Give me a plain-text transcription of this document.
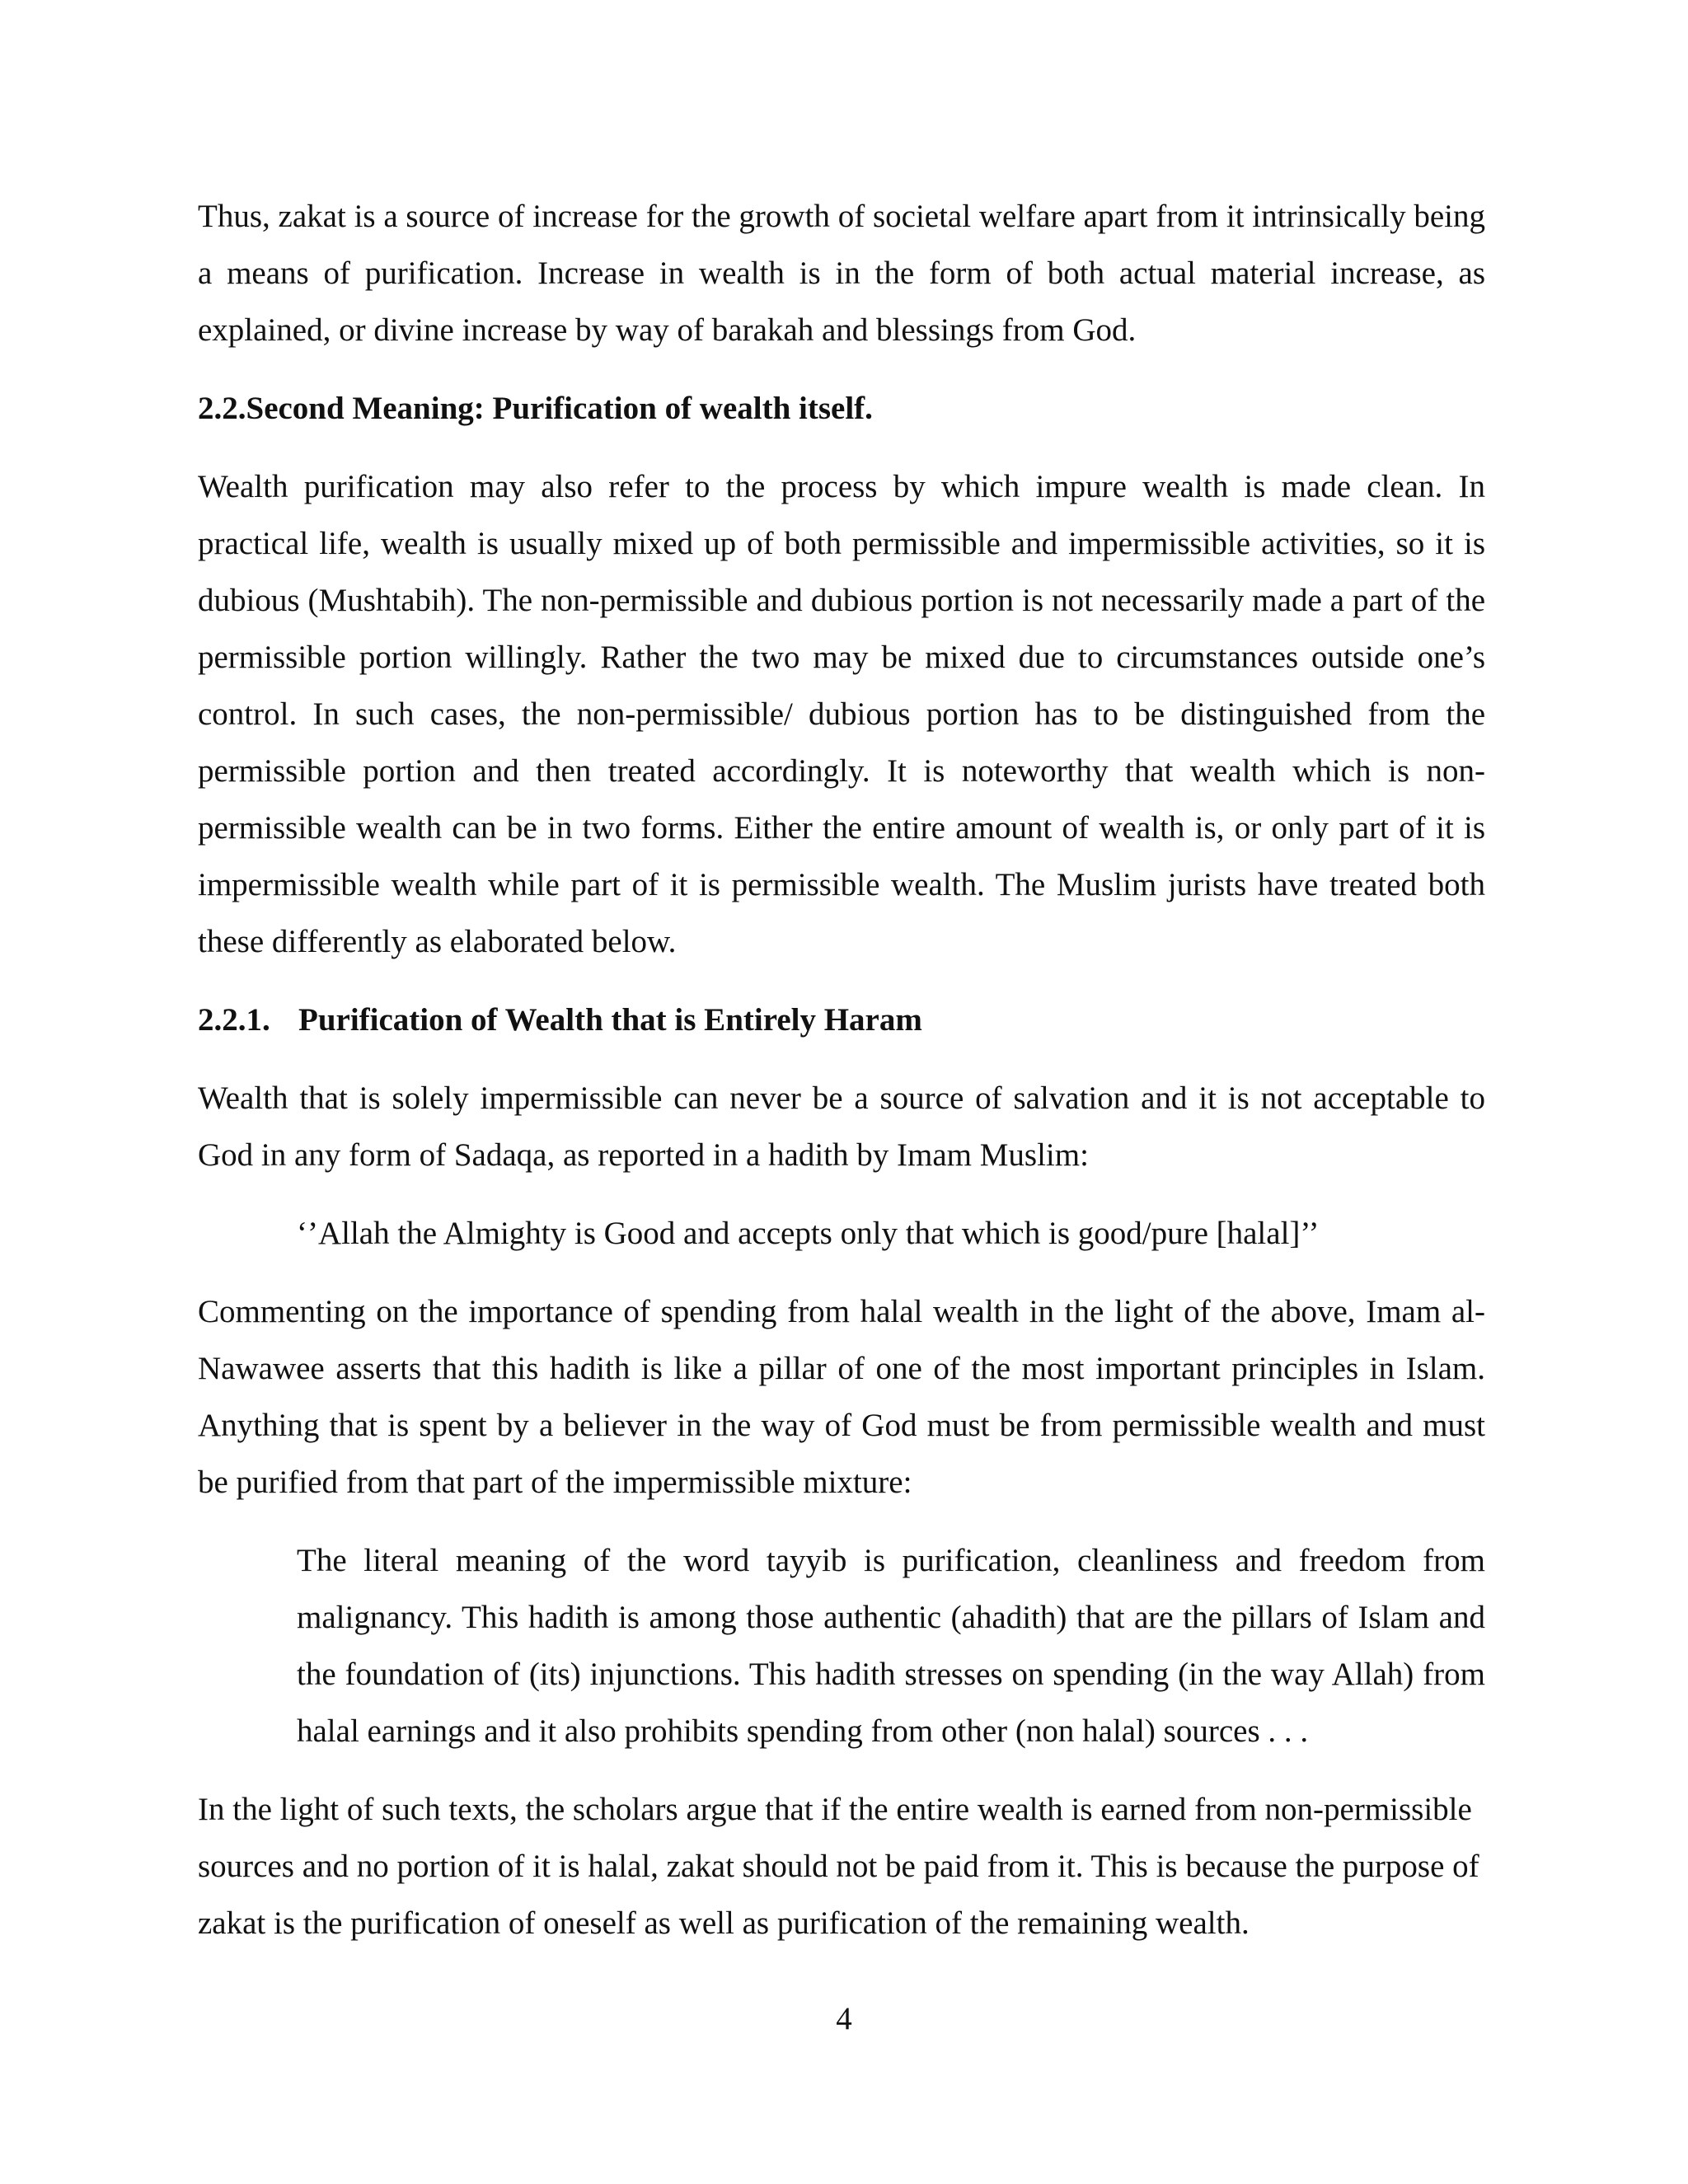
Thus, zakat is a source of increase for the growth of societal welfare apart from it intrinsically being a means of purification. Increase in wealth is in the form of both actual material increase, as explained, or divine increase by way of barakah and blessings from God.

2.2.Second Meaning: Purification of wealth itself.

Wealth purification may also refer to the process by which impure wealth is made clean. In practical life, wealth is usually mixed up of both permissible and impermissible activities, so it is dubious (Mushtabih). The non-permissible and dubious portion is not necessarily made a part of the permissible portion willingly. Rather the two may be mixed due to circumstances outside one’s control. In such cases, the non-permissible/ dubious portion has to be distinguished from the permissible portion and then treated accordingly. It is noteworthy that wealth which is non-permissible wealth can be in two forms. Either the entire amount of wealth is, or only part of it is impermissible wealth while part of it is permissible wealth. The Muslim jurists have treated both these differently as elaborated below.

2.2.1. Purification of Wealth that is Entirely Haram

Wealth that is solely impermissible can never be a source of salvation and it is not acceptable to God in any form of Sadaqa, as reported in a hadith by Imam Muslim:

‘’Allah the Almighty is Good and accepts only that which is good/pure [halal]’’

Commenting on the importance of spending from halal wealth in the light of the above, Imam al-Nawawee asserts that this hadith is like a pillar of one of the most important principles in Islam. Anything that is spent by a believer in the way of God must be from permissible wealth and must be purified from that part of the impermissible mixture:

The literal meaning of the word tayyib is purification, cleanliness and freedom from malignancy. This hadith is among those authentic (ahadith) that are the pillars of Islam and the foundation of (its) injunctions. This hadith stresses on spending (in the way Allah) from halal earnings and it also prohibits spending from other (non halal) sources . . .

In the light of such texts, the scholars argue that if the entire wealth is earned from non-permissible sources and no portion of it is halal, zakat should not be paid from it. This is because the purpose of zakat is the purification of oneself as well as purification of the remaining wealth.

4
